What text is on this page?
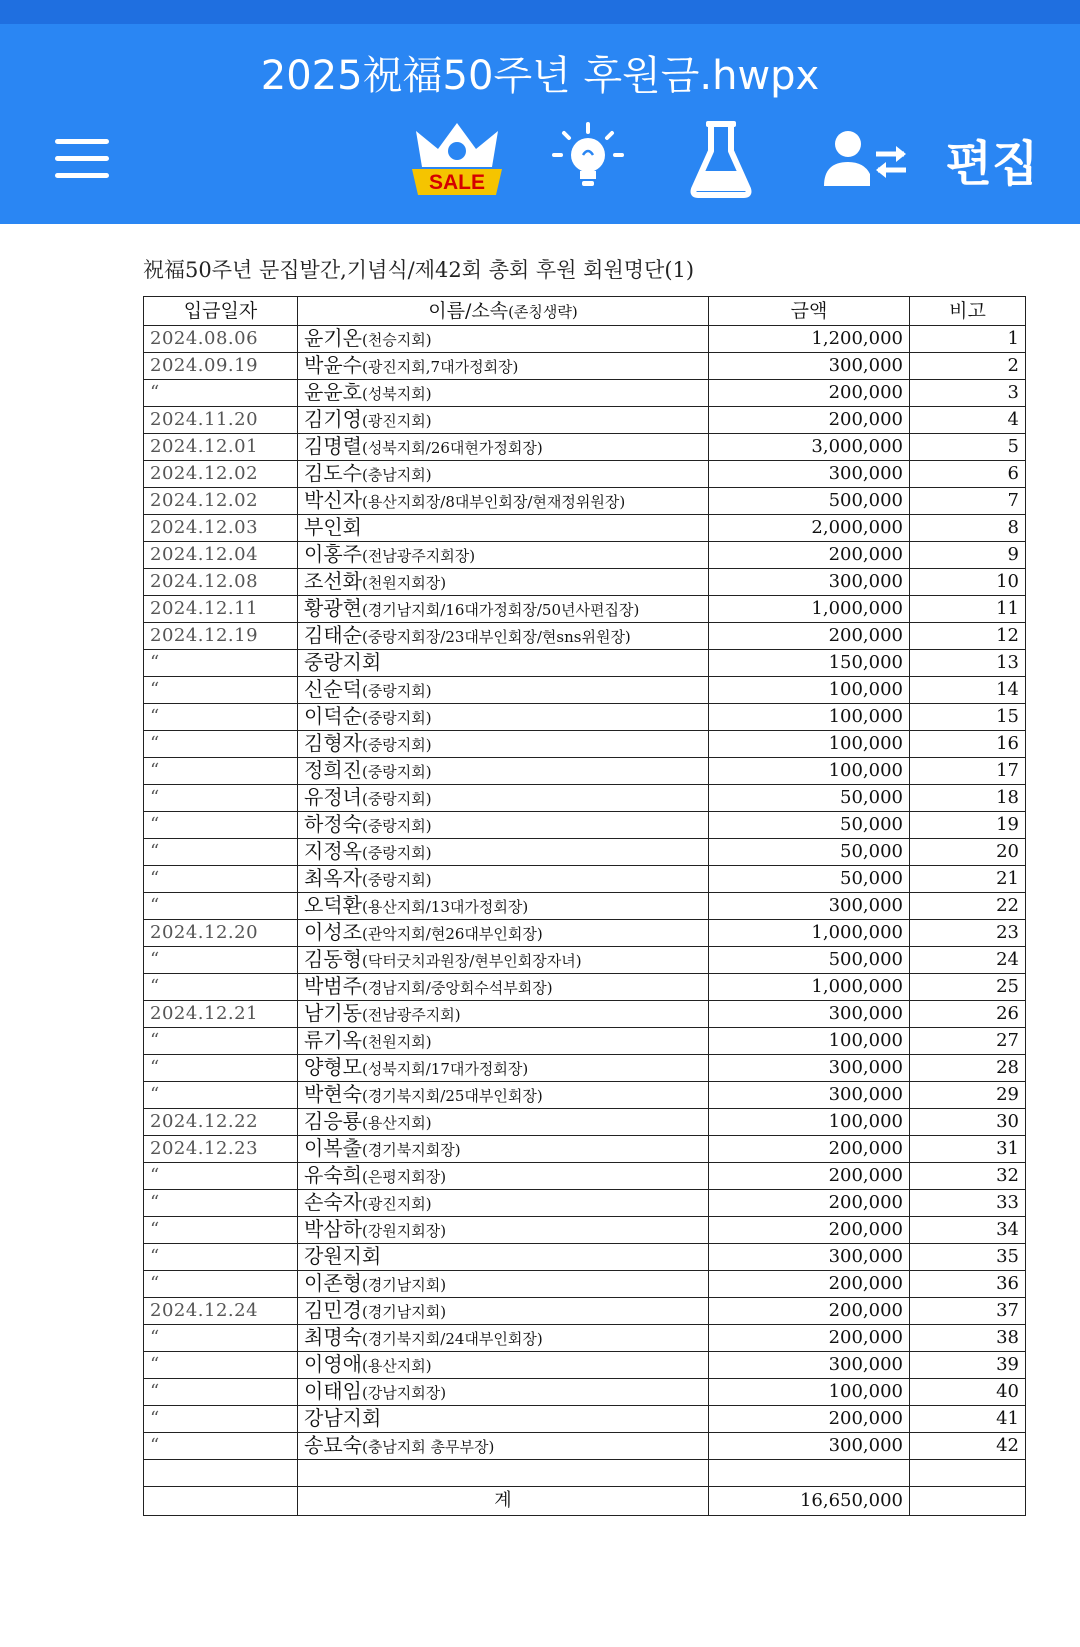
2025祝福50주년 후원금.hwpx
SALE	편집
祝福50주년 문집발간,기념식/제42회 총회 후원 회원명단(1)
입금일자	이름/소속(존칭생략)	금액	비고
2024.08.06	윤기온(천승지회)	1,200,000	1
2024.09.19	박윤수(광진지회,7대가정회장)	300,000	2
“	윤윤호(성북지회)	200,000	3
2024.11.20	김기영(광진지회)	200,000	4
2024.12.01	김명렬(성북지회/26대현가정회장)	3,000,000	5
2024.12.02	김도수(충남지회)	300,000	6
2024.12.02	박신자(용산지회장/8대부인회장/현재정위원장)	500,000	7
2024.12.03	부인회	2,000,000	8
2024.12.04	이홍주(전남광주지회장)	200,000	9
2024.12.08	조선화(천원지회장)	300,000	10
2024.12.11	황광현(경기남지회/16대가정회장/50년사편집장)	1,000,000	11
2024.12.19	김태순(중랑지회장/23대부인회장/현sns위원장)	200,000	12
“	중랑지회	150,000	13
“	신순덕(중랑지회)	100,000	14
“	이덕순(중랑지회)	100,000	15
“	김형자(중랑지회)	100,000	16
“	정희진(중랑지회)	100,000	17
“	유정녀(중랑지회)	50,000	18
“	하정숙(중랑지회)	50,000	19
“	지정옥(중랑지회)	50,000	20
“	최옥자(중랑지회)	50,000	21
“	오덕환(용산지회/13대가정회장)	300,000	22
2024.12.20	이성조(관악지회/현26대부인회장)	1,000,000	23
“	김동형(닥터굿치과원장/현부인회장자녀)	500,000	24
“	박범주(경남지회/중앙회수석부회장)	1,000,000	25
2024.12.21	남기동(전남광주지회)	300,000	26
“	류기옥(천원지회)	100,000	27
“	양형모(성북지회/17대가정회장)	300,000	28
“	박현숙(경기북지회/25대부인회장)	300,000	29
2024.12.22	김응룡(용산지회)	100,000	30
2024.12.23	이복출(경기북지회장)	200,000	31
“	유숙희(은평지회장)	200,000	32
“	손숙자(광진지회)	200,000	33
“	박삼하(강원지회장)	200,000	34
“	강원지회	300,000	35
“	이존형(경기남지회)	200,000	36
2024.12.24	김민경(경기남지회)	200,000	37
“	최명숙(경기북지회/24대부인회장)	200,000	38
“	이영애(용산지회)	300,000	39
“	이태임(강남지회장)	100,000	40
“	강남지회	200,000	41
“	송묘숙(충남지회 총무부장)	300,000	42

	계	16,650,000	
